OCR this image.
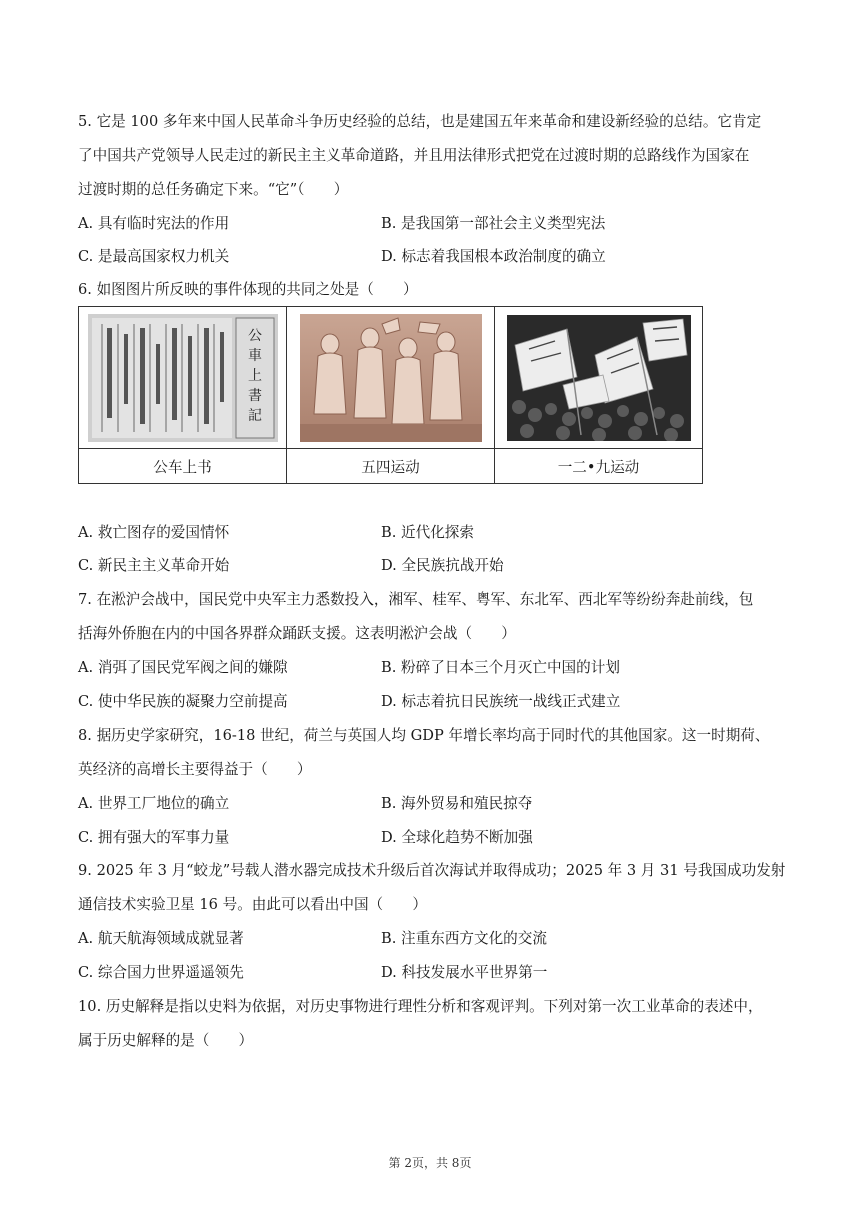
5. 它是 100 多年来中国人民革命斗争历史经验的总结，也是建国五年来革命和建设新经验的总结。它肯定
了中国共产党领导人民走过的新民主主义革命道路，并且用法律形式把党在过渡时期的总路线作为国家在
过渡时期的总任务确定下来。“它”（　　）
A. 具有临时宪法的作用	B. 是我国第一部社会主义类型宪法
C. 是最高国家权力机关	D. 标志着我国根本政治制度的确立
6. 如图图片所反映的事件体现的共同之处是（　　）
公
車
上
書
記

公车上书	五四运动	一二•九运动
A. 救亡图存的爱国情怀	B. 近代化探索
C. 新民主主义革命开始	D. 全民族抗战开始
7. 在淞沪会战中，国民党中央军主力悉数投入，湘军、桂军、粤军、东北军、西北军等纷纷奔赴前线，包
括海外侨胞在内的中国各界群众踊跃支援。这表明淞沪会战（　　）
A. 消弭了国民党军阀之间的嫌隙	B. 粉碎了日本三个月灭亡中国的计划
C. 使中华民族的凝聚力空前提高	D. 标志着抗日民族统一战线正式建立
8. 据历史学家研究，16-18 世纪，荷兰与英国人均 GDP 年增长率均高于同时代的其他国家。这一时期荷、
英经济的高增长主要得益于（　　）
A. 世界工厂地位的确立	B. 海外贸易和殖民掠夺
C. 拥有强大的军事力量	D. 全球化趋势不断加强
9. 2025 年 3 月“蛟龙”号载人潜水器完成技术升级后首次海试并取得成功；2025 年 3 月 31 号我国成功发射
通信技术实验卫星 16 号。由此可以看出中国（　　）
A. 航天航海领域成就显著	B. 注重东西方文化的交流
C. 综合国力世界遥遥领先	D. 科技发展水平世界第一
10. 历史解释是指以史料为依据，对历史事物进行理性分析和客观评判。下列对第一次工业革命的表述中，
属于历史解释的是（　　）
第 2页，共 8页
